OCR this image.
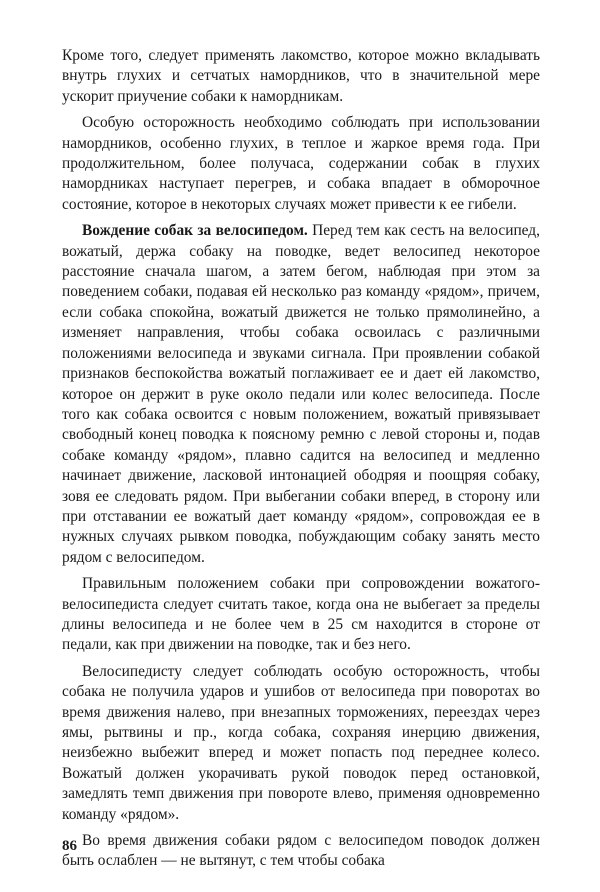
Кроме того, следует применять лакомство, которое можно вкладывать внутрь глухих и сетчатых намордников, что в значительной мере ускорит приучение собаки к намордникам.

Особую осторожность необходимо соблюдать при использовании намордников, особенно глухих, в теплое и жаркое время года. При продолжительном, более получаса, содержании собак в глухих намордниках наступает перегрев, и собака впадает в обморочное состояние, которое в некоторых случаях может привести к ее гибели.

Вождение собак за велосипедом. Перед тем как сесть на велосипед, вожатый, держа собаку на поводке, ведет велосипед некоторое расстояние сначала шагом, а затем бегом, наблюдая при этом за поведением собаки, подавая ей несколько раз команду «рядом», причем, если собака спокойна, вожатый движется не только прямолинейно, а изменяет направления, чтобы собака освоилась с различными положениями велосипеда и звуками сигнала. При проявлении собакой признаков беспокойства вожатый поглаживает ее и дает ей лакомство, которое он держит в руке около педали или колес велосипеда. После того как собака освоится с новым положением, вожатый привязывает свободный конец поводка к поясному ремню с левой стороны и, подав собаке команду «рядом», плавно садится на велосипед и медленно начинает движение, ласковой интонацией ободряя и поощряя собаку, зовя ее следовать рядом. При выбегании собаки вперед, в сторону или при отставании ее вожатый дает команду «рядом», сопровождая ее в нужных случаях рывком поводка, побуждающим собаку занять место рядом с велосипедом.

Правильным положением собаки при сопровождении вожатого-велосипедиста следует считать такое, когда она не выбегает за пределы длины велосипеда и не более чем в 25 см находится в стороне от педали, как при движении на поводке, так и без него.

Велосипедисту следует соблюдать особую осторожность, чтобы собака не получила ударов и ушибов от велосипеда при поворотах во время движения налево, при внезапных торможениях, переездах через ямы, рытвины и пр., когда собака, сохраняя инерцию движения, неизбежно выбежит вперед и может попасть под переднее колесо. Вожатый должен укорачивать рукой поводок перед остановкой, замедлять темп движения при повороте влево, применяя одновременно команду «рядом».

Во время движения собаки рядом с велосипедом поводок должен быть ослаблен — не вытянут, с тем чтобы собака

86
